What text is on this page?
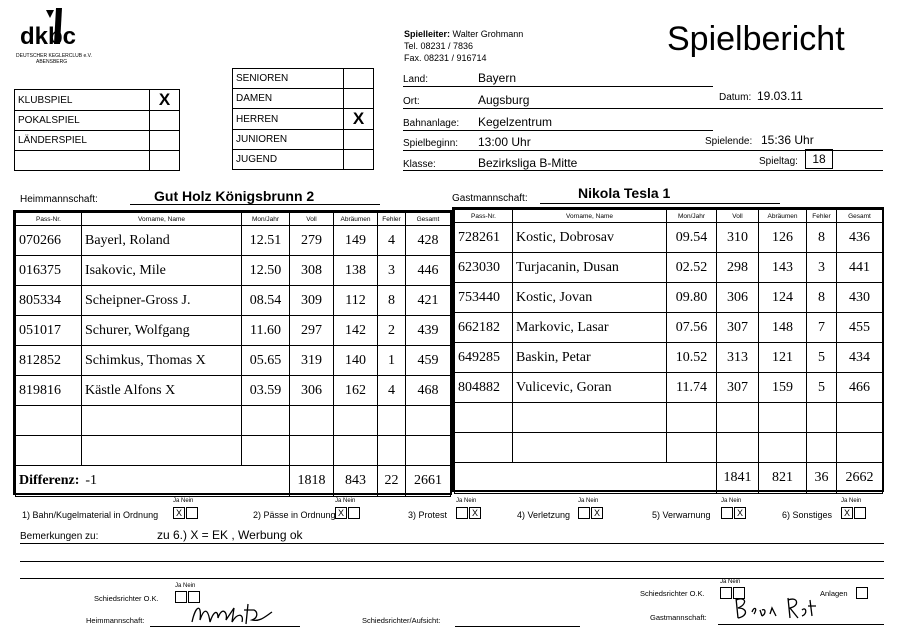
dkbc
DEUTSCHER KEGLERCLUB e.V.
ABENSBERG
Spielleiter: Walter Grohmann
Tel. 08231 / 7836
Fax. 08231 / 916714	Spielbericht
KLUBSPIEL	X
POKALSPIEL	
LÄNDERSPIEL	

SENIOREN	
DAMEN	
HERREN	X
JUNIOREN	
JUGEND	
Land:	Bayern
Ort:	Augsburg	Datum: 19.03.11
Bahnanlage: Kegelzentrum
Spielbeginn: 13:00 Uhr	Spielende: 15:36 Uhr
Klasse:	Bezirksliga B-Mitte	Spieltag:	18
Heimmannschaft:	Gut Holz Königsbrunn 2	Gastmannschaft:	Nikola Tesla 1
Pass-Nr.	Vorname, Name	Mon/Jahr	Voll	Abräumen	Fehler	Gesamt
070266	Bayerl, Roland	12.51	279	149	4	428
016375	Isakovic, Mile	12.50	308	138	3	446
805334	Scheipner-Gross J.	08.54	309	112	8	421
051017	Schurer, Wolfgang	11.60	297	142	2	439
812852	Schimkus, Thomas X	05.65	319	140	1	459
819816	Kästle Alfons X	03.59	306	162	4	468

Differenz: -1			1818	843	22	2661
Pass-Nr.	Vorname, Name	Mon/Jahr	Voll	Abräumen	Fehler	Gesamt
728261	Kostic, Dobrosav	09.54	310	126	8	436
623030	Turjacanin, Dusan	02.52	298	143	3	441
753440	Kostic, Jovan	09.80	306	124	8	430
662182	Markovic, Lasar	07.56	307	148	7	455
649285	Baskin, Petar	10.52	313	121	5	434
804882	Vulicevic, Goran	11.74	307	159	5	466

			1841	821	36	2662
1) Bahn/Kugelmaterial in Ordnung
Ja Nein
X	2) Pässe in Ordnung
Ja Nein
X	3) Protest
Ja Nein
X	4) Verletzung
Ja Nein
X	5) Verwarnung
Ja Nein
X	6) Sonstiges
Ja Nein
X
Bemerkungen zu:	zu 6.) X = EK , Werbung ok
Schiedsrichter O.K.
Ja Nein
Heimmannschaft:	Schiedsrichter/Aufsicht:
Schiedsrichter O.K.
Ja Nein
Anlagen
Gastmannschaft:
